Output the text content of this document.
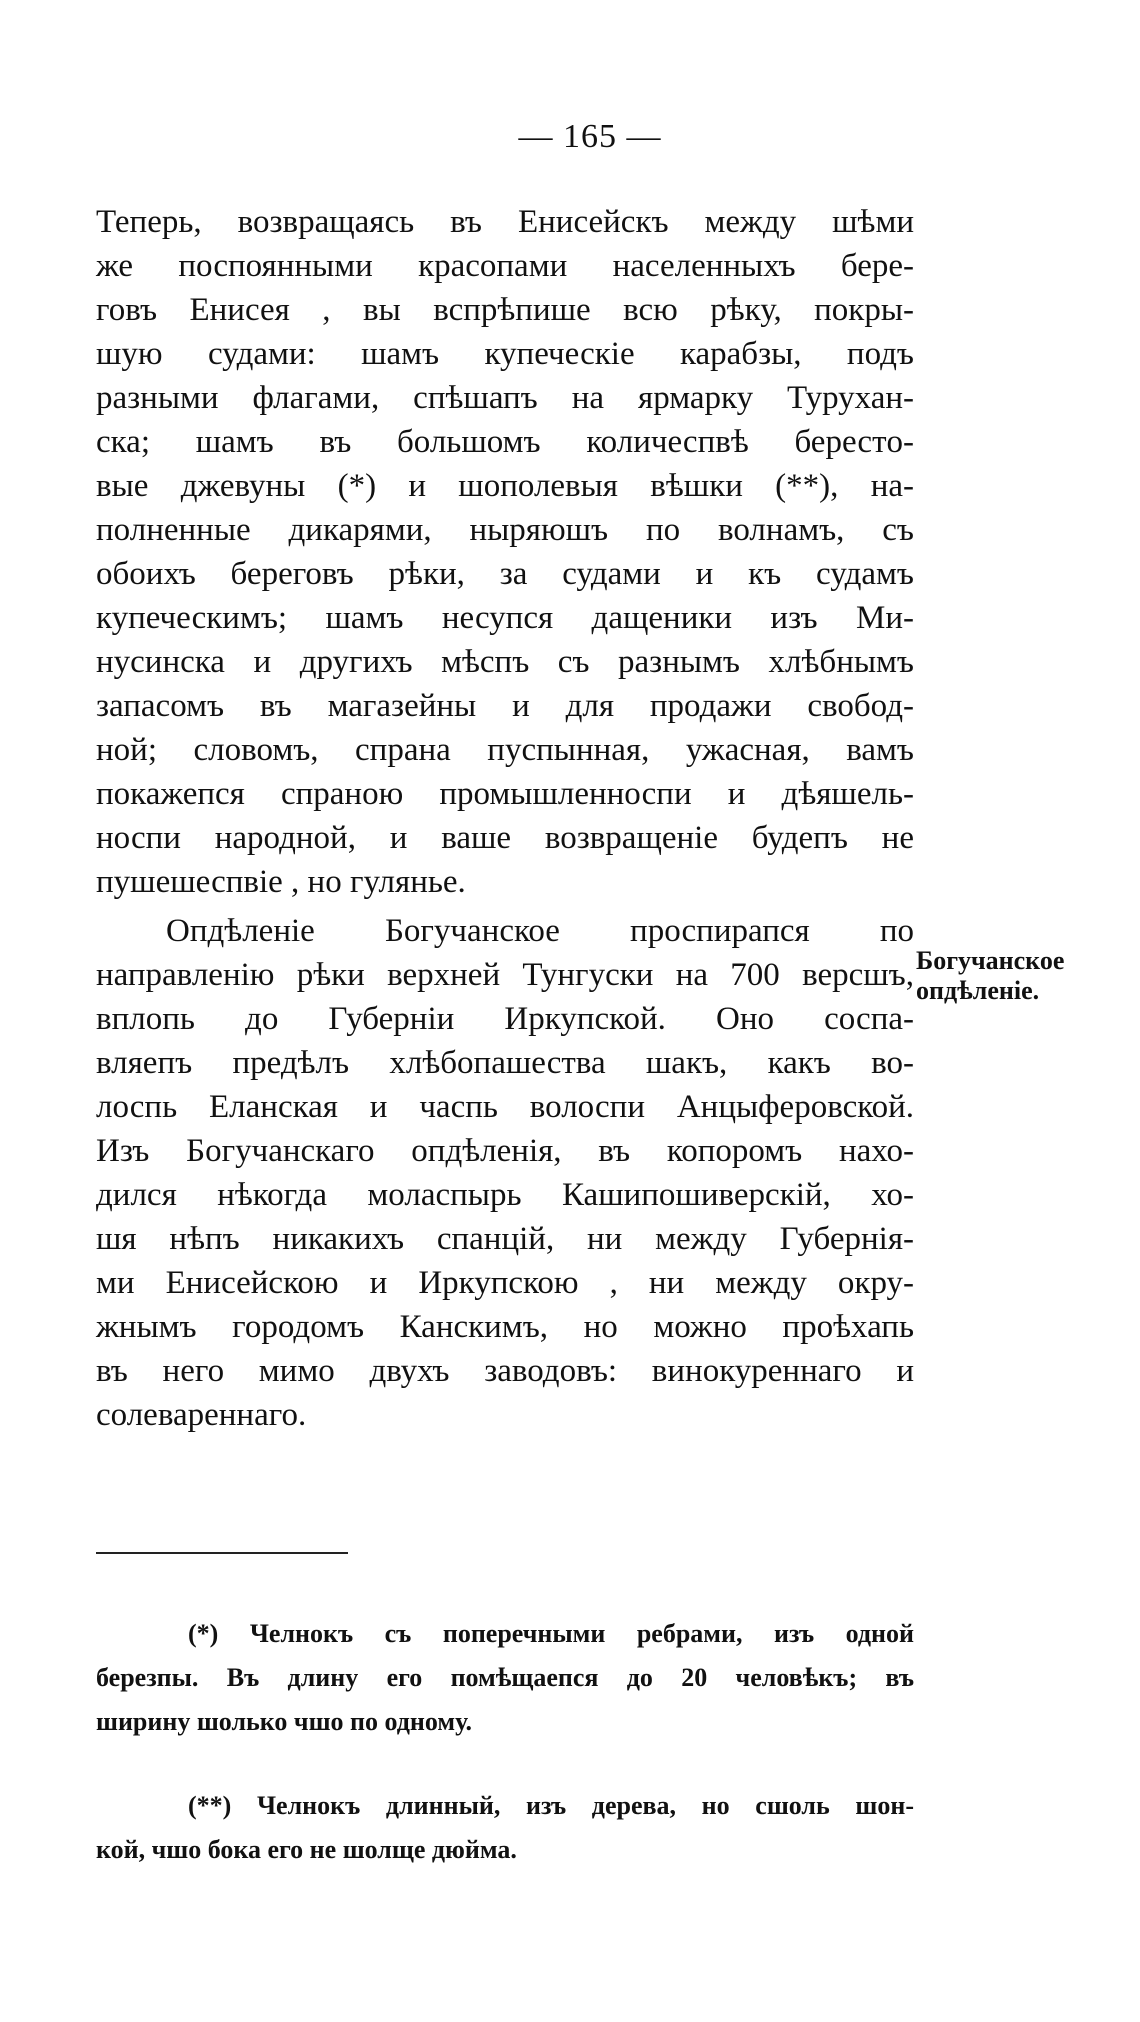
— 165 —
Теперь, возвращаясь въ Енисейскъ между шѣми
же поспоянными красопами населенныхъ бере-
говъ Енисея , вы вспрѣпише всю рѣку, покры-
шую судами: шамъ купеческіе карабзы, подъ
разными флагами, спѣшапъ на ярмарку Турухан-
ска; шамъ въ большомъ количеспвѣ берестo-
вые джевуны (*) и шополевыя вѣшки (**), на-
полненные дикарями, ныряюшъ по волнамъ, съ
обоихъ береговъ рѣки, за судами и къ судамъ
купеческимъ; шамъ несупся дащеники изъ Ми-
нусинска и другихъ мѣспъ съ разнымъ хлѣбнымъ
запасомъ въ магазейны и для продажи свобод-
ной; словомъ, спрана пуспынная, ужасная, вамъ
покажепся спраною промышленноспи и дѣяшель-
носпи народной, и ваше возвращеніе будепъ не
пушешеспвіе , но гулянье.
Опдѣленіе Богучанское проспирапся по
направленію рѣки верхней Тунгуски на 700 версшъ,
вплопь до Губерніи Иркупской. Оно соспа-
вляепъ предѣлъ хлѣбопашества шакъ, какъ во-
лоспь Еланская и часпь волоспи Анцыферовской.
Изъ Богучанскаго опдѣленія, въ копоромъ нахо-
дился нѣкогда моласпырь Кашипошиверскій, хо-
шя нѣпъ никакихъ спанцій, ни между Губернія-
ми Енисейскою и Иркупскою , ни между окру-
жнымъ городомъ Канскимъ, но можно проѣхапь
въ него мимо двухъ заводовъ: винокуреннаго и
солевареннаго.
Богучанское
опдѣленіе.
(*) Челнокъ съ поперечными ребрами, изъ одной
березпы. Въ длину его помѣщаепся до 20 человѣкъ; въ
ширину шолько чшо по одному.
(**) Челнокъ длинный, изъ дерева, но сшоль шон-
кой, чшо бока его не шолще дюйма.
